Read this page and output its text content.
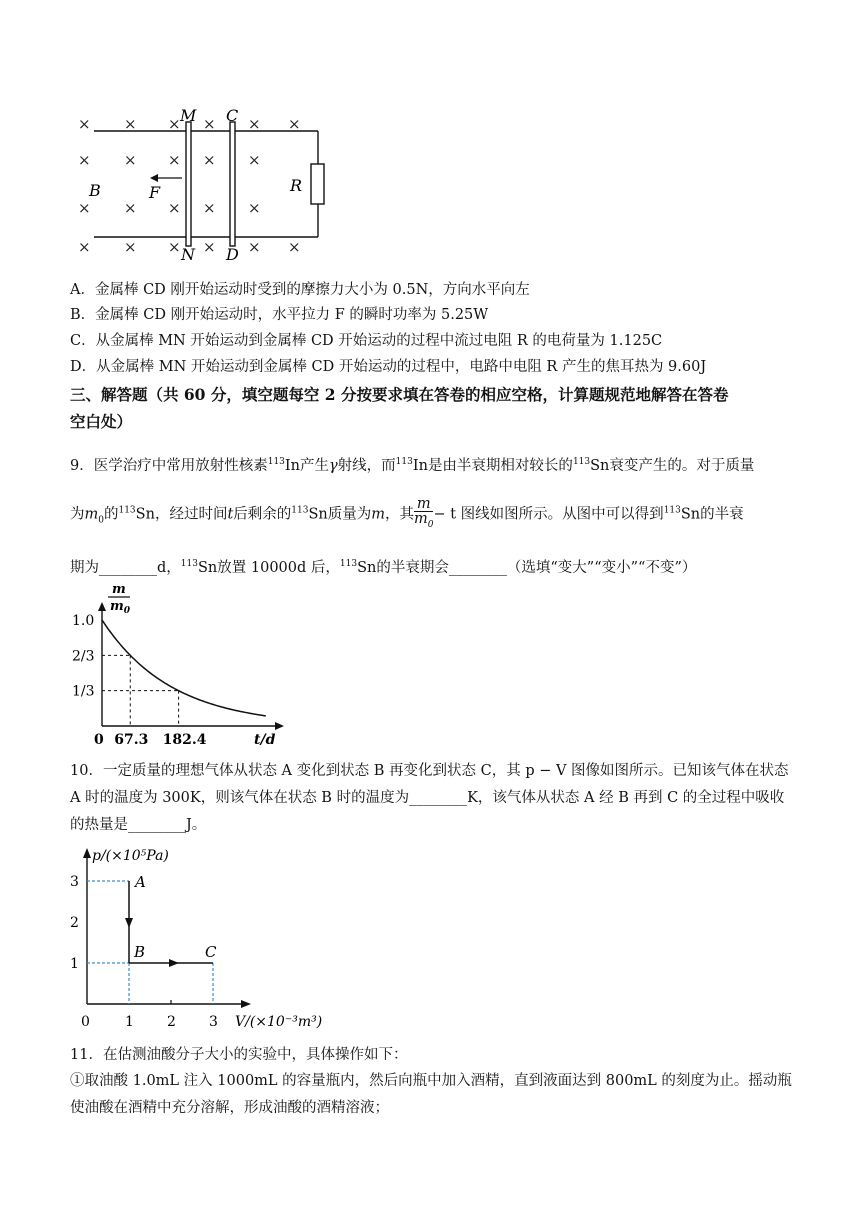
× × × × × ×
× × × ×
× × × × ×
× × × × × ×
×
M C
N D
B	F	R
A．金属棒 CD 刚开始运动时受到的摩擦力大小为 0.5N，方向水平向左
B．金属棒 CD 刚开始运动时，水平拉力 F 的瞬时功率为 5.25W
C．从金属棒 MN 开始运动到金属棒 CD 开始运动的过程中流过电阻 R 的电荷量为 1.125C
D．从金属棒 MN 开始运动到金属棒 CD 开始运动的过程中，电路中电阻 R 产生的焦耳热为 9.60J
三、解答题（共 60 分，填空题每空 2 分按要求填在答卷的相应空格，计算题规范地解答在答卷
空白处）
9．医学治疗中常用放射性核素$^{113}$In产生γ射线，而$^{113}$In是由半衰期相对较长的$^{113}$Sn衰变产生的。对于质量
为$m_0$的$^{113}$Sn，经过时间t后剩余的$^{113}$Sn质量为m，其 $\frac{m}{m_0} - t$ 图线如图所示。从图中可以得到$^{113}$Sn的半衰
期为________d，$^{113}$Sn放置 10000d 后，$^{113}$Sn的半衰期会________（选填“变大”“变小”“不变”）
m
$m_0$
1.0
2/3
1/3
0 67.3 182.4	t/d
10．一定质量的理想气体从状态 A 变化到状态 B 再变化到状态 C，其 p − V 图像如图所示。已知该气体在状态
A 时的温度为 300K，则该气体在状态 B 时的温度为________K，该气体从状态 A 经 B 再到 C 的全过程中吸收
的热量是________J。
p/(×10⁵Pa)
A
B	C
3
2
1
0	1 2 3 V/(×10⁻³m³)
11．在估测油酸分子大小的实验中，具体操作如下：
①取油酸 1.0mL 注入 1000mL 的容量瓶内，然后向瓶中加入酒精，直到液面达到 800mL 的刻度为止。摇动瓶
使油酸在酒精中充分溶解，形成油酸的酒精溶液；
